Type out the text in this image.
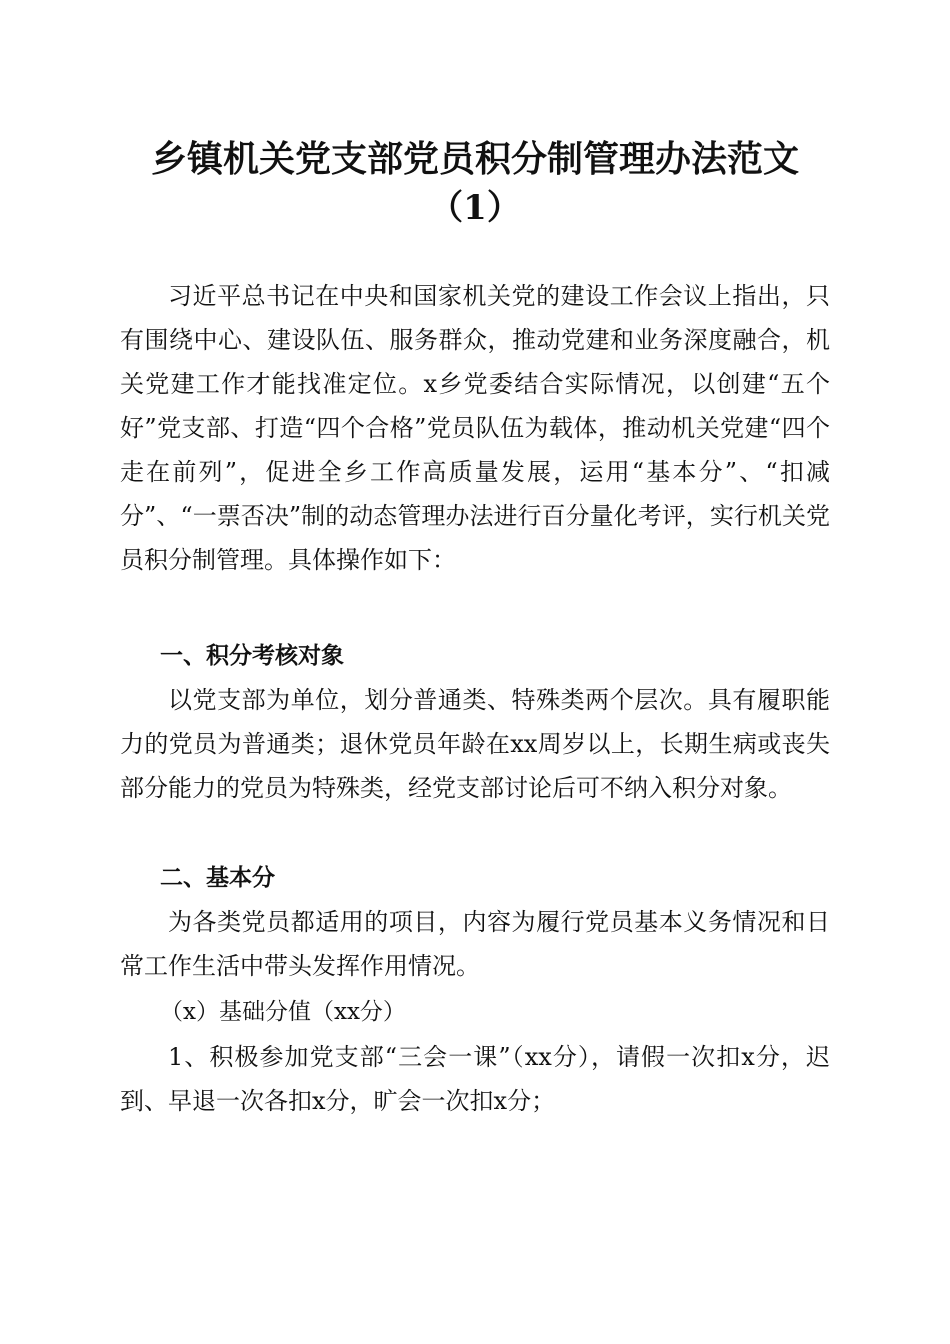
乡镇机关党支部党员积分制管理办法范文
（1）
习近平总书记在中央和国家机关党的建设工作会议上指出，只有围绕中心、建设队伍、服务群众，推动党建和业务深度融合，机关党建工作才能找准定位。x乡党委结合实际情况，以创建“五个好”党支部、打造“四个合格”党员队伍为载体，推动机关党建“四个走在前列”，促进全乡工作高质量发展，运用“基本分”、“扣减分”、“一票否决”制的动态管理办法进行百分量化考评，实行机关党员积分制管理。具体操作如下：
一、积分考核对象
以党支部为单位，划分普通类、特殊类两个层次。具有履职能力的党员为普通类；退休党员年龄在xx周岁以上，长期生病或丧失部分能力的党员为特殊类，经党支部讨论后可不纳入积分对象。
二、基本分
为各类党员都适用的项目，内容为履行党员基本义务情况和日常工作生活中带头发挥作用情况。
（x）基础分值（xx分）
1、积极参加党支部“三会一课”（xx分），请假一次扣x分，迟到、早退一次各扣x分，旷会一次扣x分；
